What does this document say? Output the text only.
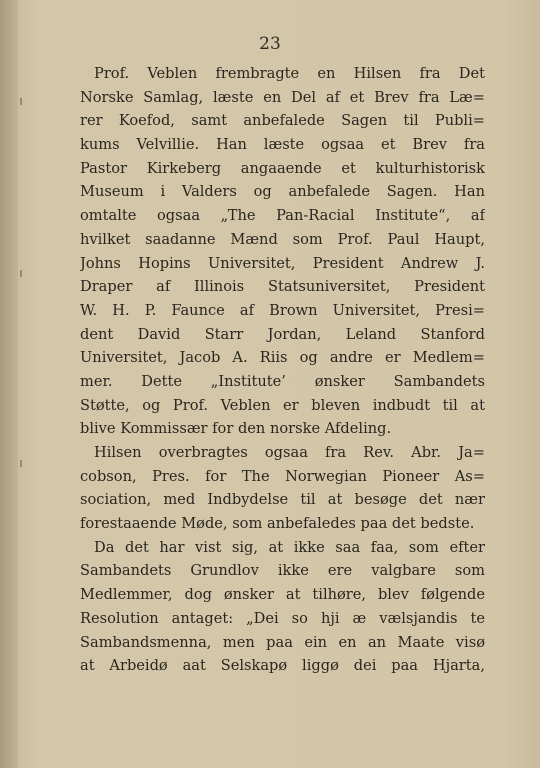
23
Prof. Veblen frembragte en Hilsen fra Det
Norske Samlag, læste en Del af et Brev fra Læ=
rer Koefod, samt anbefalede Sagen til Publi=
kums Velvillie. Han læste ogsaa et Brev fra
Pastor Kirkeberg angaaende et kulturhistorisk
Museum i Valders og anbefalede Sagen. Han
omtalte ogsaa „The Pan-Racial Institute“, af
hvilket saadanne Mænd som Prof. Paul Haupt,
Johns Hopins Universitet, President Andrew J.
Draper af Illinois Statsuniversitet, President
W. H. P. Faunce af Brown Universitet, Presi=
dent David Starr Jordan, Leland Stanford
Universitet, Jacob A. Riis og andre er Medlem=
mer. Dette „Institute’ ønsker Sambandets
Støtte, og Prof. Veblen er bleven indbudt til at
blive Kommissær for den norske Afdeling.
Hilsen overbragtes ogsaa fra Rev. Abr. Ja=
cobson, Pres. for The Norwegian Pioneer As=
sociation, med Indbydelse til at besøge det nær
forestaaende Møde, som anbefaledes paa det bedste.
Da det har vist sig, at ikke saa faa, som efter
Sambandets Grundlov ikke ere valgbare som
Medlemmer, dog ønsker at tilhøre, blev følgende
Resolution antaget: „Dei so hji æ vælsjandis te
Sambandsmenna, men paa ein en an Maate visø
at Arbeidø aat Selskapø liggø dei paa Hjarta,
